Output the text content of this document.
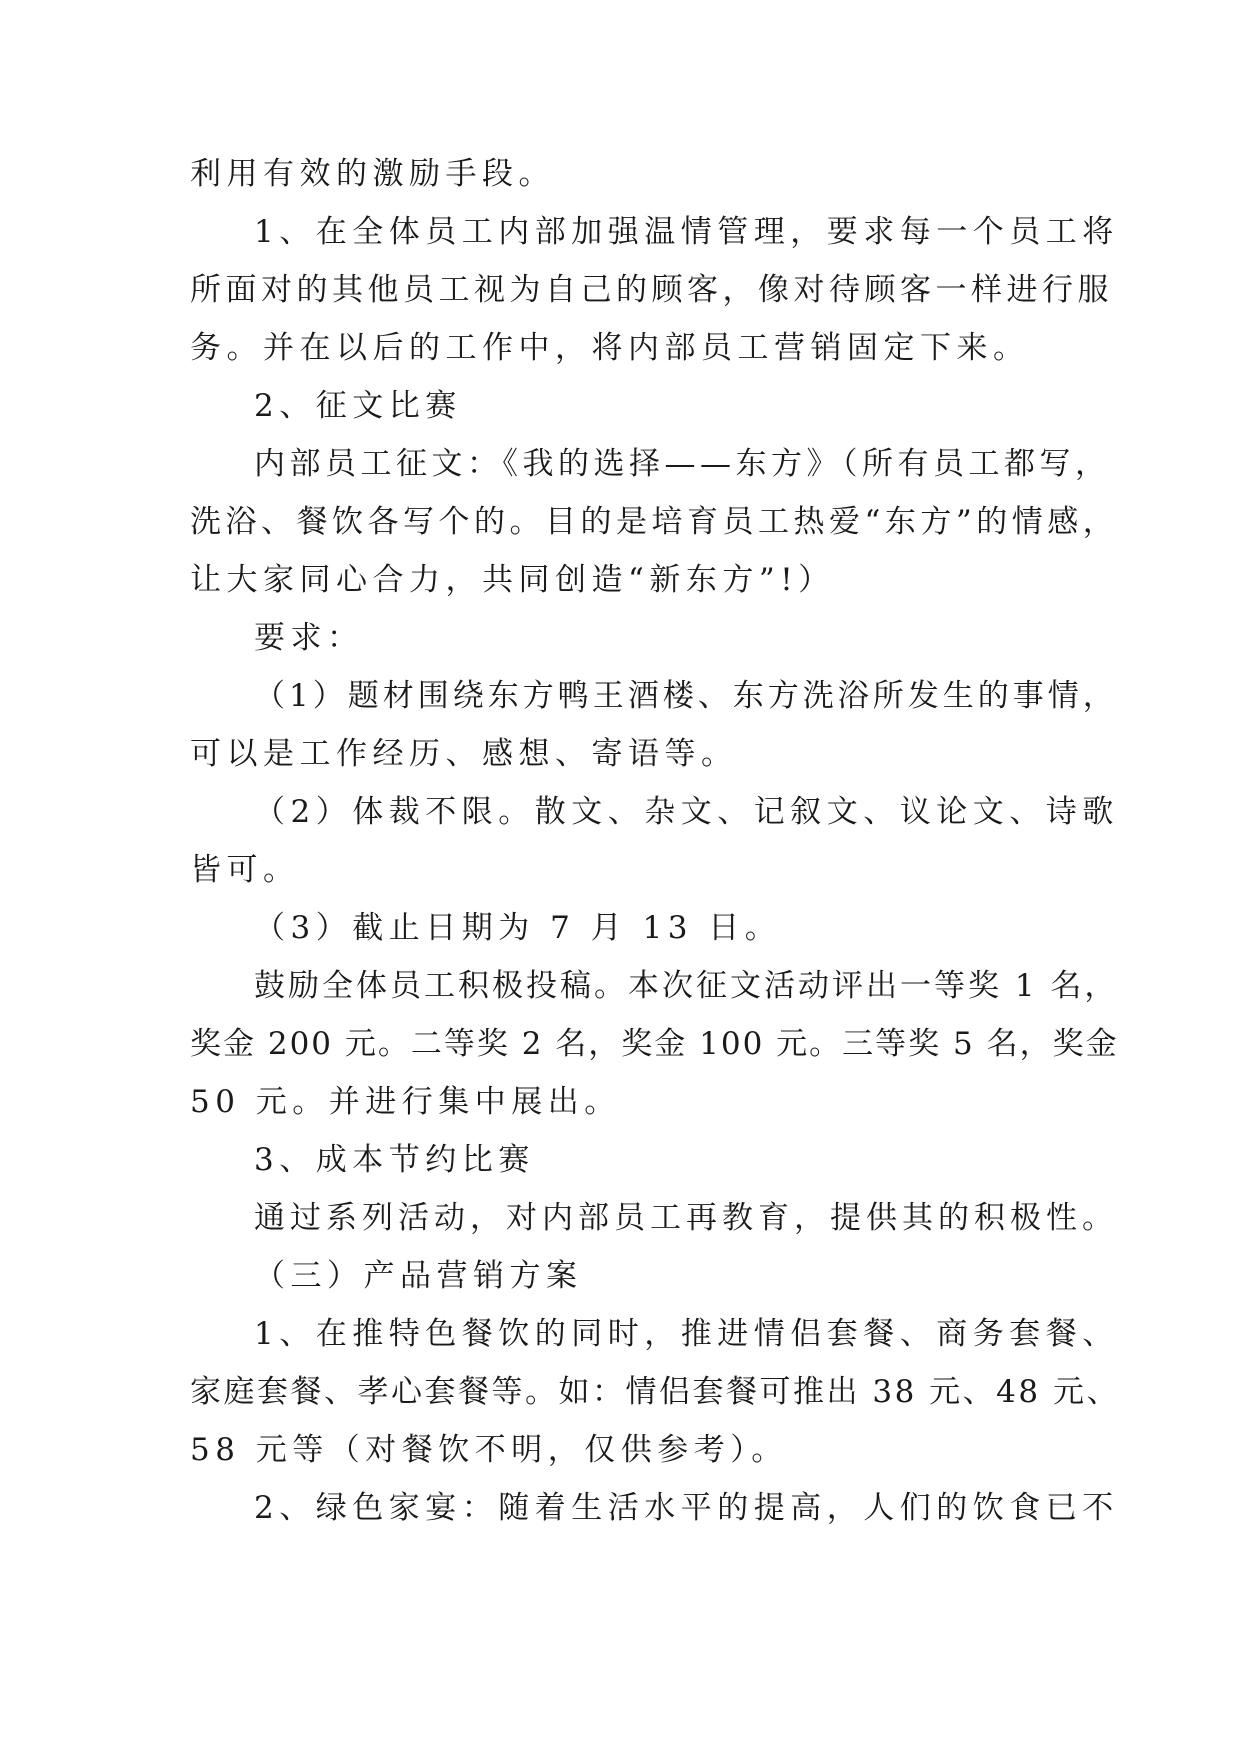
利用有效的激励手段。
1、在全体员工内部加强温情管理，要求每一个员工将
所面对的其他员工视为自己的顾客，像对待顾客一样进行服
务。并在以后的工作中，将内部员工营销固定下来。
2、征文比赛
内部员工征文：《我的选择——东方》（所有员工都写，
洗浴、餐饮各写个的。目的是培育员工热爱“东方”的情感，
让大家同心合力，共同创造“新东方”!）
要求：
（1）题材围绕东方鸭王酒楼、东方洗浴所发生的事情，
可以是工作经历、感想、寄语等。
（2）体裁不限。散文、杂文、记叙文、议论文、诗歌
皆可。
（3）截止日期为 7 月 13 日。
鼓励全体员工积极投稿。本次征文活动评出一等奖 1 名，
奖金 200 元。二等奖 2 名，奖金 100 元。三等奖 5 名，奖金
50 元。并进行集中展出。
3、成本节约比赛
通过系列活动，对内部员工再教育，提供其的积极性。
（三）产品营销方案
1、在推特色餐饮的同时，推进情侣套餐、商务套餐、
家庭套餐、孝心套餐等。如：情侣套餐可推出 38 元、48 元、
58 元等（对餐饮不明，仅供参考）。
2、绿色家宴：随着生活水平的提高，人们的饮食已不
